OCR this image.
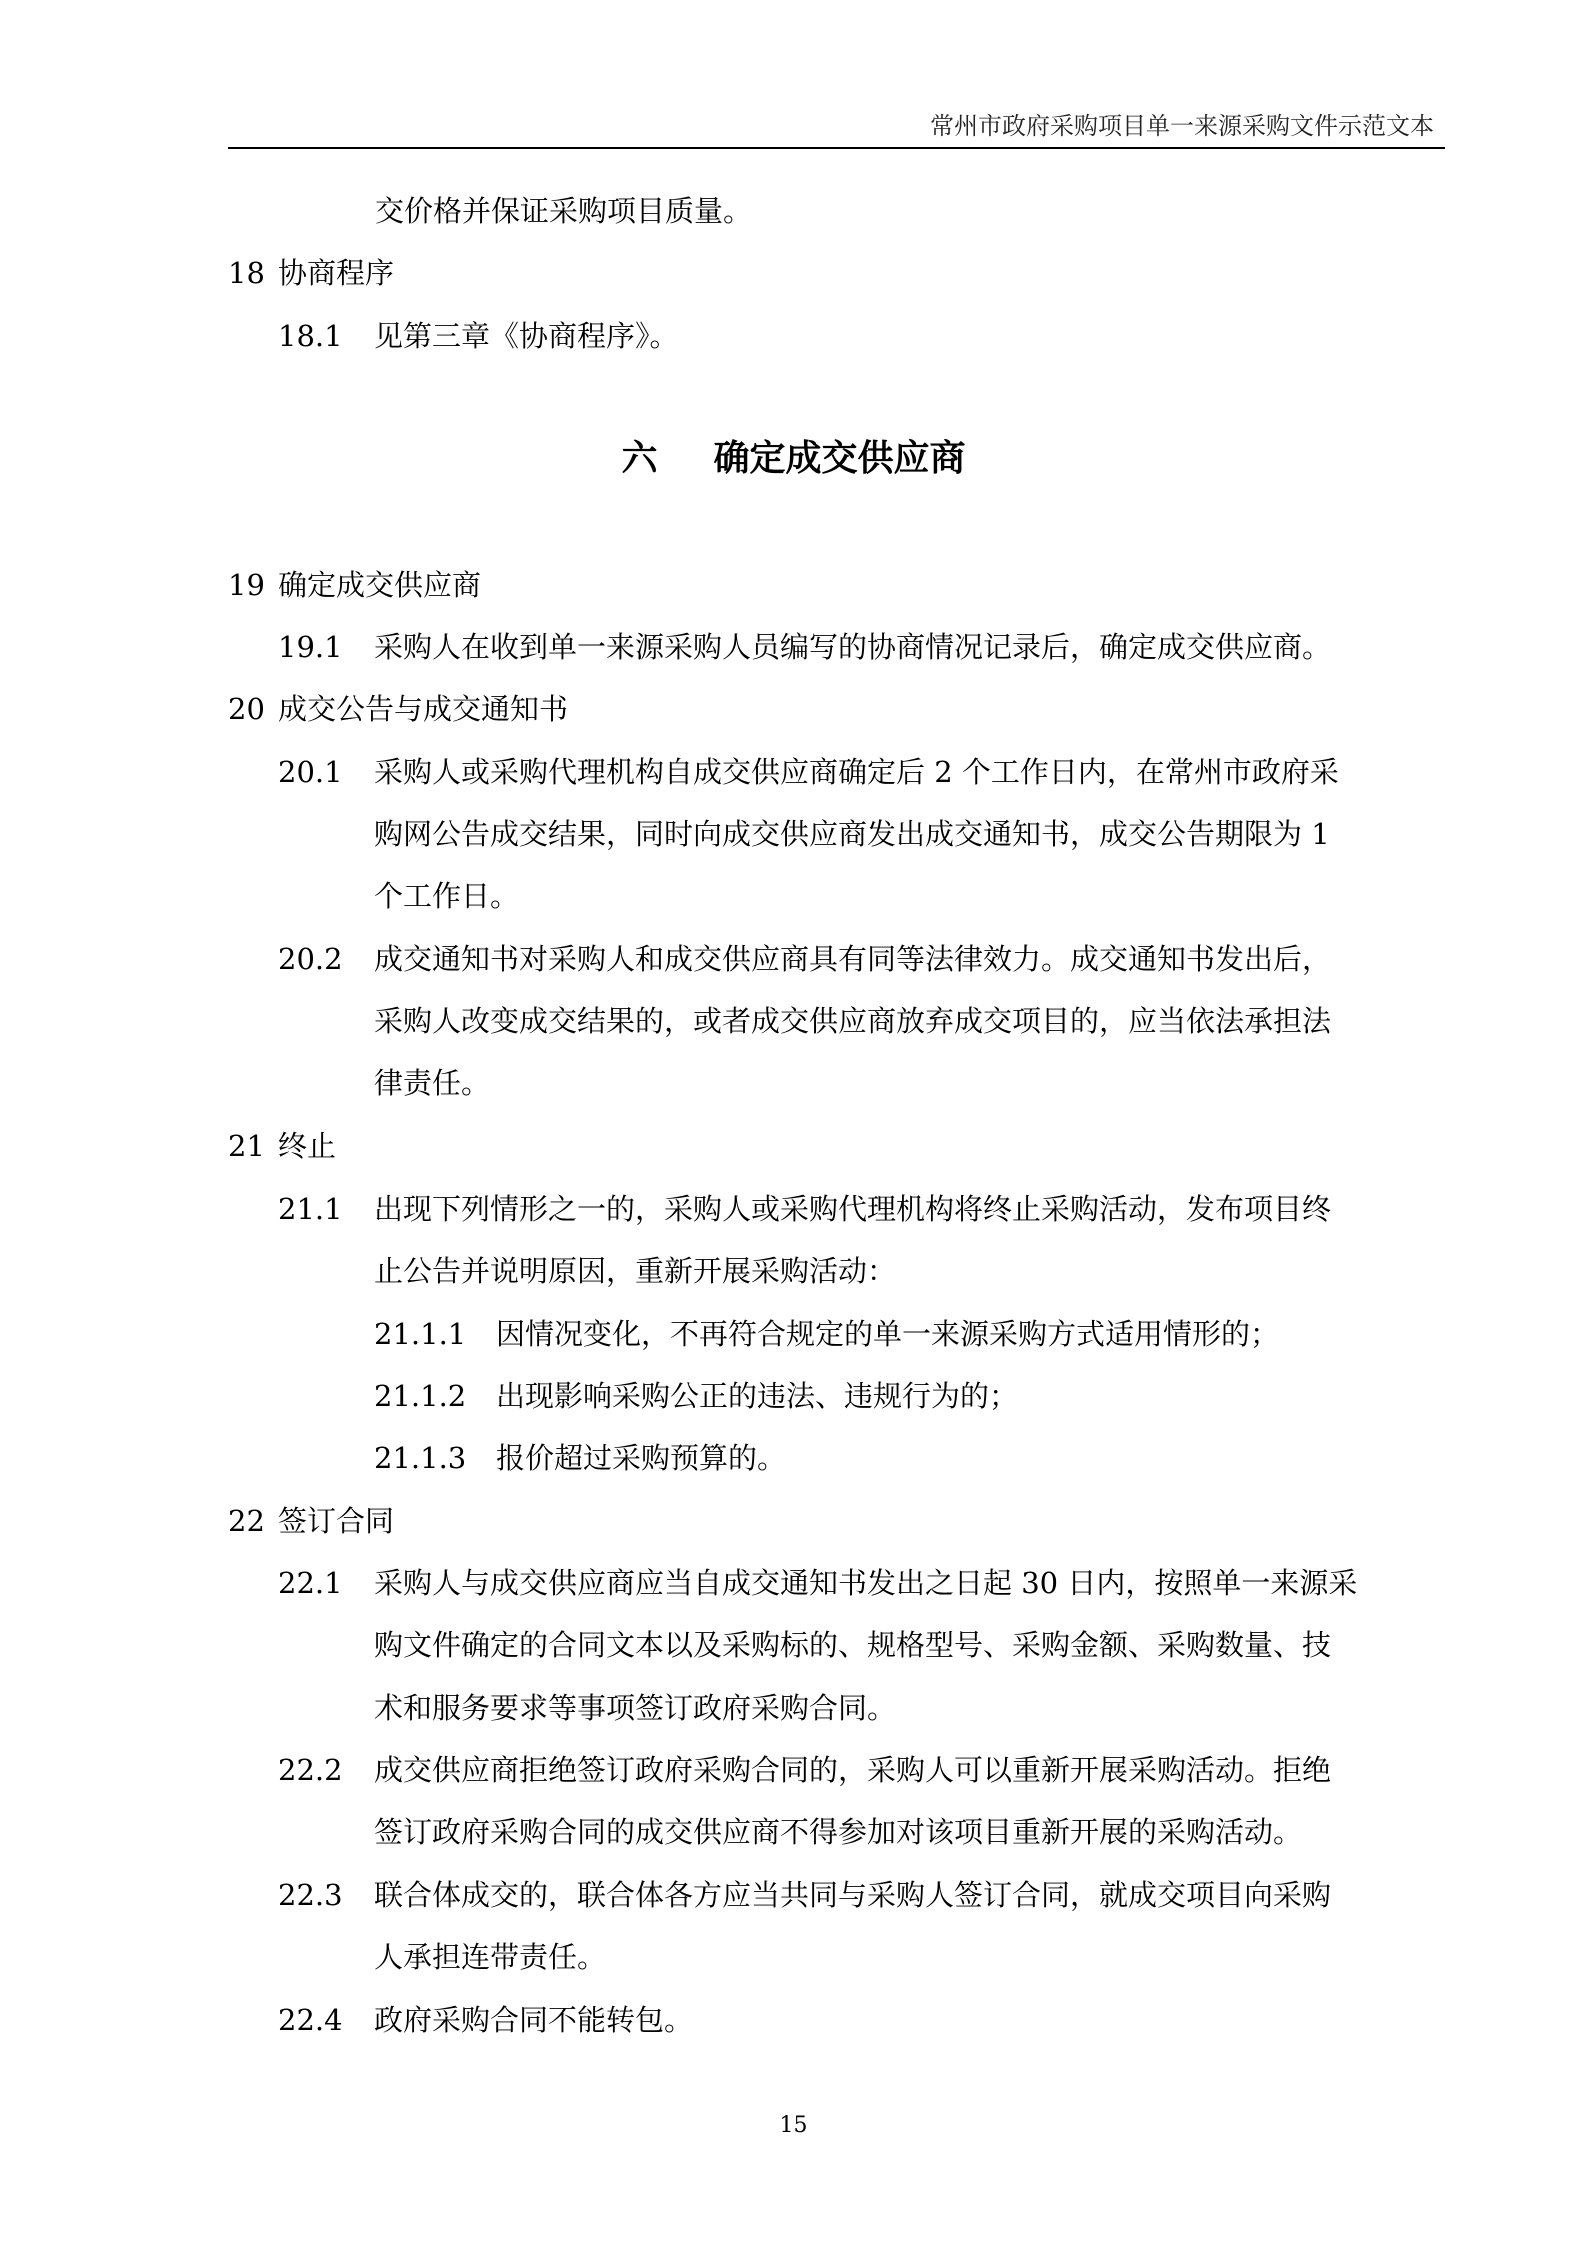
常州市政府采购项目单一来源采购文件示范文本
交价格并保证采购项目质量。
18 协商程序
18.1 见第三章《协商程序》。
六 确定成交供应商
19 确定成交供应商
19.1 采购人在收到单一来源采购人员编写的协商情况记录后，确定成交供应商。
20 成交公告与成交通知书
20.1 采购人或采购代理机构自成交供应商确定后 2 个工作日内，在常州市政府采
购网公告成交结果，同时向成交供应商发出成交通知书，成交公告期限为 1
个工作日。
20.2 成交通知书对采购人和成交供应商具有同等法律效力。成交通知书发出后，
采购人改变成交结果的，或者成交供应商放弃成交项目的，应当依法承担法
律责任。
21 终止
21.1 出现下列情形之一的，采购人或采购代理机构将终止采购活动，发布项目终
止公告并说明原因，重新开展采购活动：
21.1.1 因情况变化，不再符合规定的单一来源采购方式适用情形的；
21.1.2 出现影响采购公正的违法、违规行为的；
21.1.3 报价超过采购预算的。
22 签订合同
22.1 采购人与成交供应商应当自成交通知书发出之日起 30 日内，按照单一来源采
购文件确定的合同文本以及采购标的、规格型号、采购金额、采购数量、技
术和服务要求等事项签订政府采购合同。
22.2 成交供应商拒绝签订政府采购合同的，采购人可以重新开展采购活动。拒绝
签订政府采购合同的成交供应商不得参加对该项目重新开展的采购活动。
22.3 联合体成交的，联合体各方应当共同与采购人签订合同，就成交项目向采购
人承担连带责任。
22.4 政府采购合同不能转包。
15
